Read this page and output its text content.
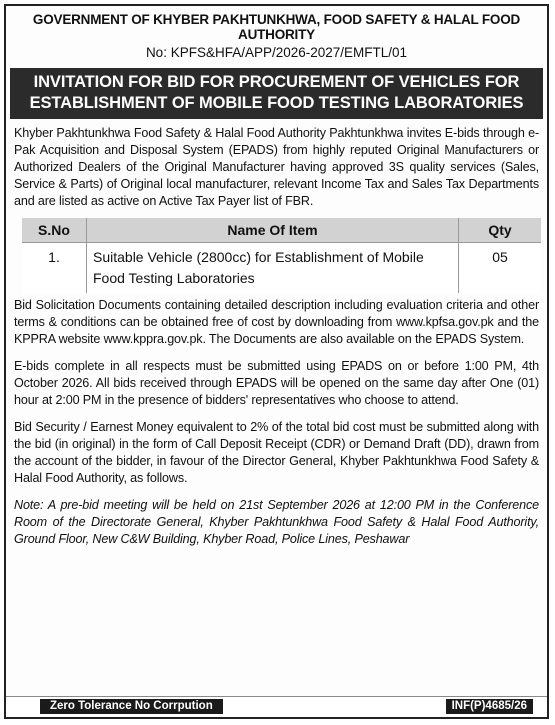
GOVERNMENT OF KHYBER PAKHTUNKHWA, FOOD SAFETY & HALAL FOOD AUTHORITY
No: KPFS&HFA/APP/2026-2027/EMFTL/01
INVITATION FOR BID FOR PROCUREMENT OF VEHICLES FOR
ESTABLISHMENT OF MOBILE FOOD TESTING LABORATORIES
Khyber Pakhtunkhwa Food Safety & Halal Food Authority Pakhtunkhwa invites E-bids through e-Pak Acquisition and Disposal System (EPADS) from highly reputed Original Manufacturers or Authorized Dealers of the Original Manufacturer having approved 3S quality services (Sales, Service & Parts) of Original local manufacturer, relevant Income Tax and Sales Tax Departments and are listed as active on Active Tax Payer list of FBR.
S.No	Name Of Item	Qty
1.	Suitable Vehicle (2800cc) for Establishment of Mobile Food Testing Laboratories	05
Bid Solicitation Documents containing detailed description including evaluation criteria and other terms & conditions can be obtained free of cost by downloading from www.kpfsa.gov.pk and the KPPRA website www.kppra.gov.pk. The Documents are also available on the EPADS System.
E-bids complete in all respects must be submitted using EPADS on or before 1:00 PM, 4th October 2026. All bids received through EPADS will be opened on the same day after One (01) hour at 2:00 PM in the presence of bidders' representatives who choose to attend.
Bid Security / Earnest Money equivalent to 2% of the total bid cost must be submitted along with the bid (in original) in the form of Call Deposit Receipt (CDR) or Demand Draft (DD), drawn from the account of the bidder, in favour of the Director General, Khyber Pakhtunkhwa Food Safety & Halal Food Authority, as follows.
Note: A pre-bid meeting will be held on 21st September 2026 at 12:00 PM in the Conference Room of the Directorate General, Khyber Pakhtunkhwa Food Safety & Halal Food Authority, Ground Floor, New C&W Building, Khyber Road, Police Lines, Peshawar
Zero Tolerance No Corrpution	INF(P)4685/26
